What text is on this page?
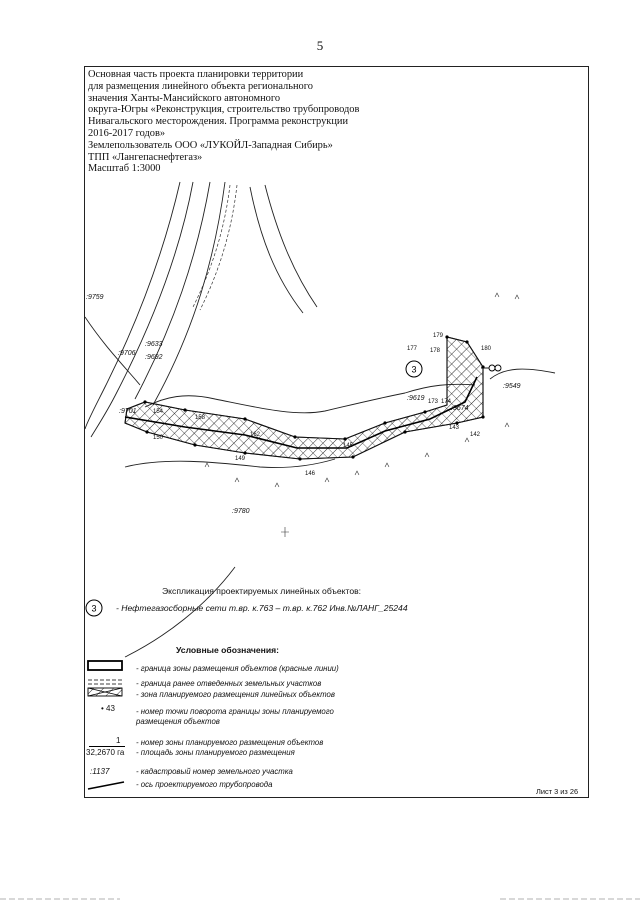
5
3
:9759
:9706
:9633
:9692
:9701
:9619
:9549
:9674
:9780
177
179
178	180
173 174
162
158
154
150
149
146
145
143
142
Основная часть проекта планировки территории
для размещения линейного объекта регионального
значения Ханты-Мансийского автономного
округа-Югры «Реконструкция, строительство трубопроводов
Нивагальского месторождения. Программа реконструкции
2016-2017 годов»
Землепользователь ООО «ЛУКОЙЛ-Западная Сибирь»
ТПП «Лангепаснефтегаз»
Масштаб 1:3000
Экспликация проектируемых линейных объектов:
3 - Нефтегазосборные сети т.вр. к.763 – т.вр. к.762 Инв.№ЛАНГ_25244
Условные обозначения:
• 43
1
32,2670 га
:1137
- граница зоны размещения объектов (красные линии)
- граница ранее отведенных земельных участков
- зона планируемого размещения линейных объектов
- номер точки поворота границы зоны планируемого
размещения объектов
- номер зоны планируемого размещения объектов
- площадь зоны планируемого размещения
- кадастровый номер земельного участка
- ось проектируемого трубопровода
Лист 3 из 26
